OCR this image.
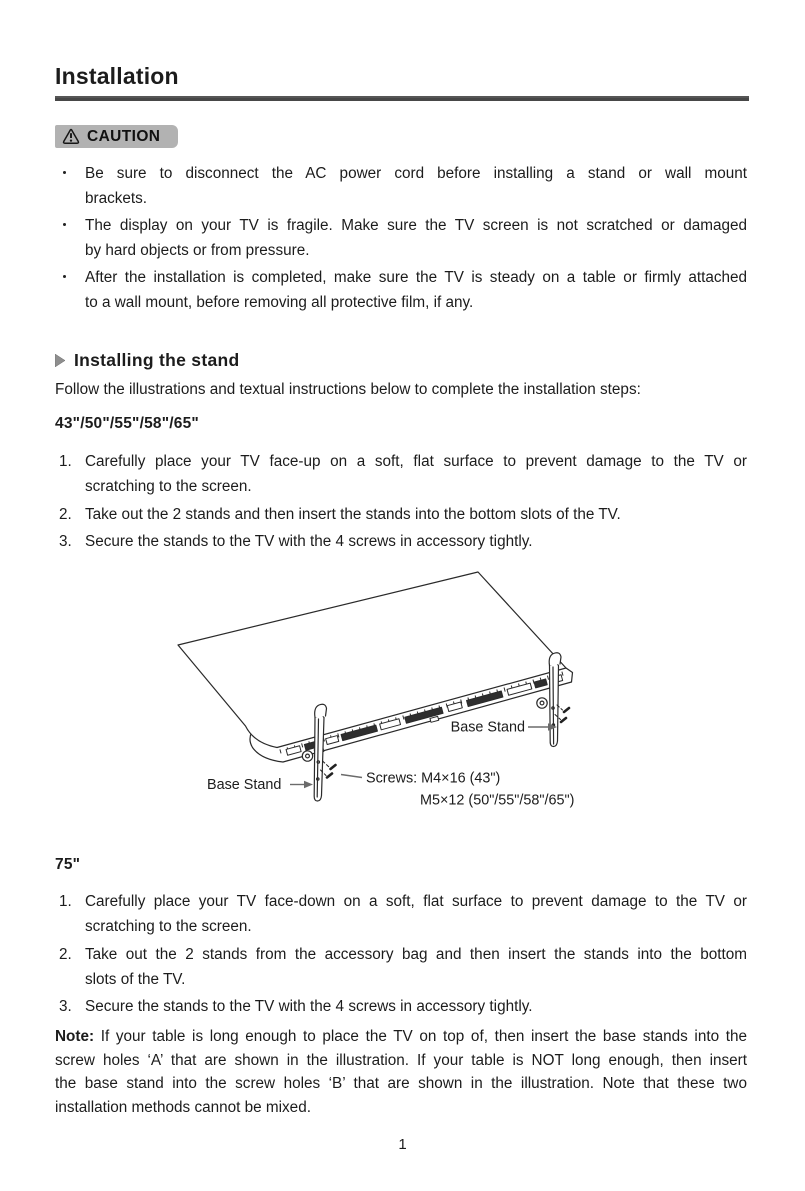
Installation
CAUTION
Be sure to disconnect the AC power cord before installing a stand or wall mount
brackets.
The display on your TV is fragile. Make sure the TV screen is not scratched or damaged
by hard objects or from pressure.
After the installation is completed, make sure the TV is steady on a table or firmly attached
to a wall mount, before removing all protective film, if any.
Installing the stand

Follow the illustrations and textual instructions below to complete the installation steps:

43"/50"/55"/58"/65"
1. Carefully place your TV face-up on a soft, flat surface to prevent damage to the TV or
scratching to the screen.
2. Take out the 2 stands and then insert the stands into the bottom slots of the TV.
3. Secure the stands to the TV with the 4 screws in accessory tightly.
Base Stand
Base Stand	Screws: M4×16 (43")
M5×12 (50"/55"/58"/65")
75"
1. Carefully place your TV face-down on a soft, flat surface to prevent damage to the TV or
scratching to the screen.
2. Take out the 2 stands from the accessory bag and then insert the stands into the bottom
slots of the TV.
3. Secure the stands to the TV with the 4 screws in accessory tightly.
Note: If your table is long enough to place the TV on top of, then insert the base stands into the
screw holes ‘A’ that are shown in the illustration. If your table is NOT long enough, then insert
the base stand into the screw holes ‘B’ that are shown in the illustration. Note that these two
installation methods cannot be mixed.
1
